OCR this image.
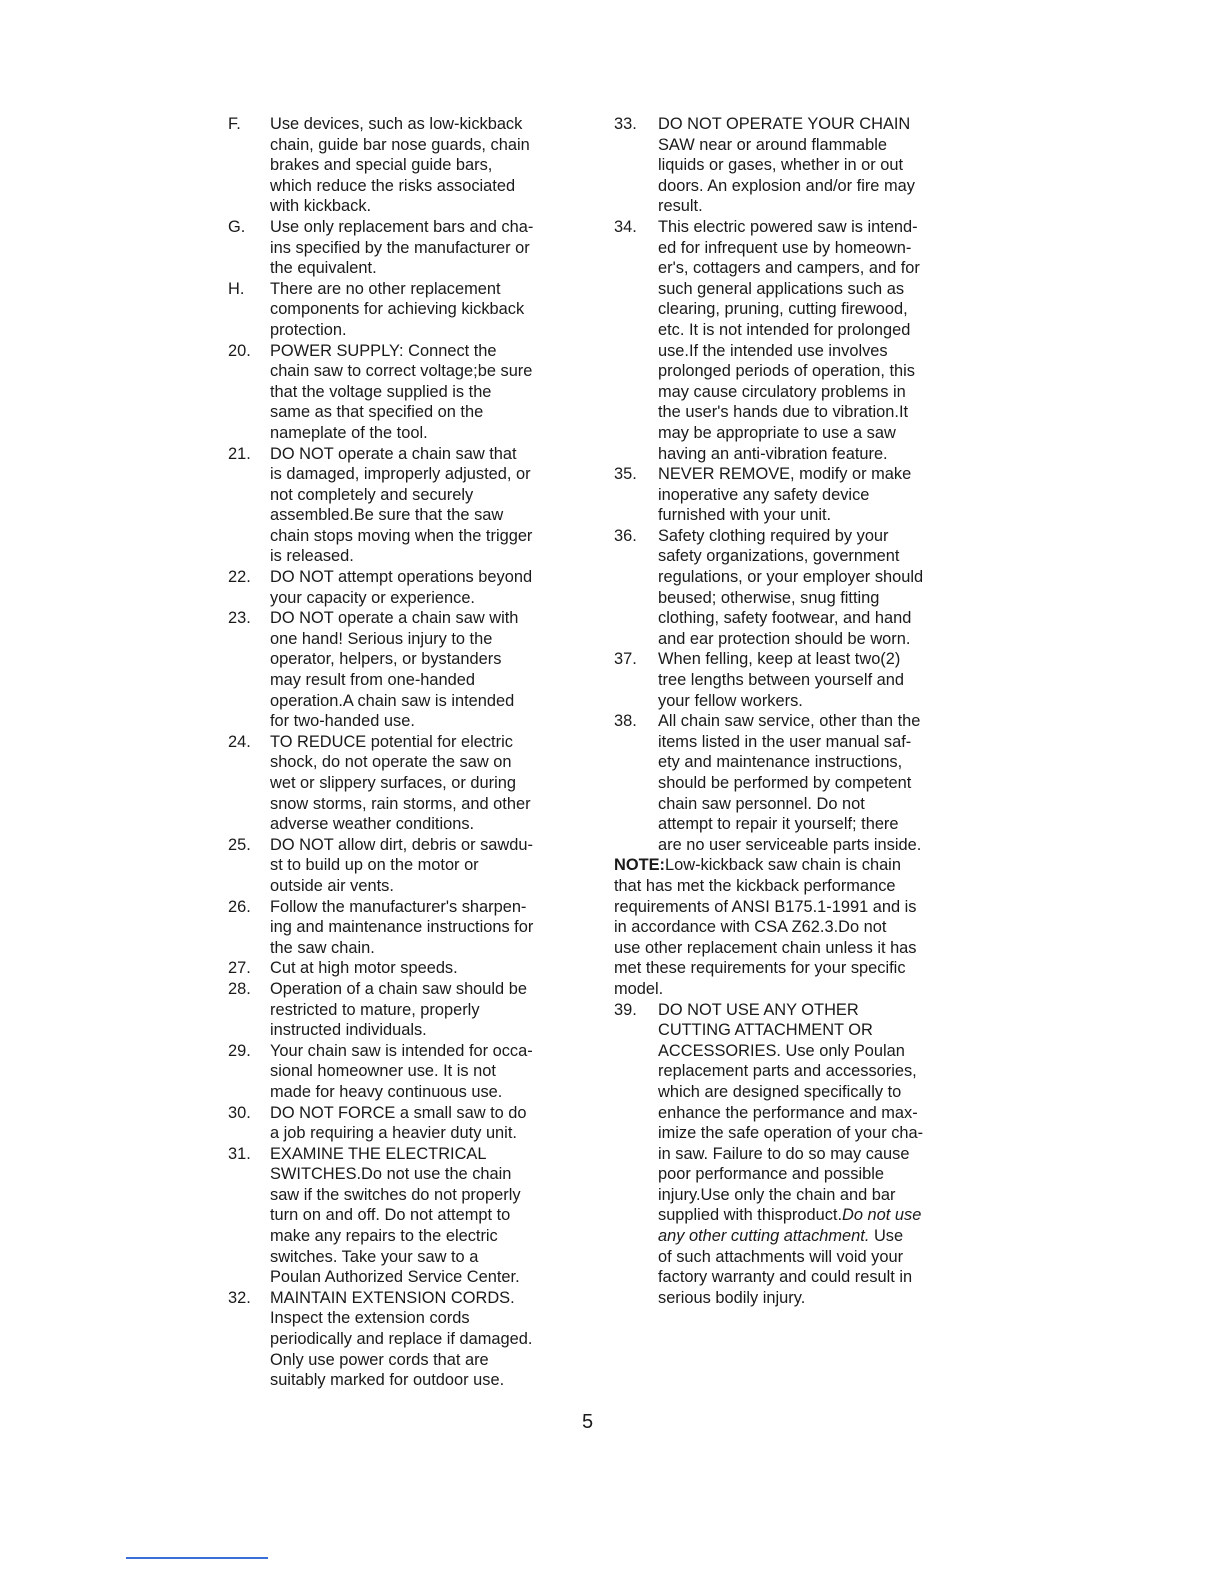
F. Use devices, such as low-kickback
chain, guide bar nose guards, chain
brakes and special guide bars,
which reduce the risks associated
with kickback.
G. Use only replacement bars and cha-
ins specified by the manufacturer or
the equivalent.
H. There are no other replacement
components for achieving kickback
protection.
20. POWER SUPPLY: Connect the
chain saw to correct voltage;be sure
that the voltage supplied is the
same as that specified on the
nameplate of the tool.
21. DO NOT operate a chain saw that
is damaged, improperly adjusted, or
not completely and securely
assembled.Be sure that the saw
chain stops moving when the trigger
is released.
22. DO NOT attempt operations beyond
your capacity or experience.
23. DO NOT operate a chain saw with
one hand! Serious injury to the
operator, helpers, or bystanders
may result from one-handed
operation.A chain saw is intended
for two-handed use.
24. TO REDUCE potential for electric
shock, do not operate the saw on
wet or slippery surfaces, or during
snow storms, rain storms, and other
adverse weather conditions.
25. DO NOT allow dirt, debris or sawdu-
st to build up on the motor or
outside air vents.
26. Follow the manufacturer's sharpen-
ing and maintenance instructions for
the saw chain.
27. Cut at high motor speeds.
28. Operation of a chain saw should be
restricted to mature, properly
instructed individuals.
29. Your chain saw is intended for occa-
sional homeowner use. It is not
made for heavy continuous use.
30. DO NOT FORCE a small saw to do
a job requiring a heavier duty unit.
31. EXAMINE THE ELECTRICAL
SWITCHES.Do not use the chain
saw if the switches do not properly
turn on and off. Do not attempt to
make any repairs to the electric
switches. Take your saw to a
Poulan Authorized Service Center.
32. MAINTAIN EXTENSION CORDS.
Inspect the extension cords
periodically and replace if damaged.
Only use power cords that are
suitably marked for outdoor use.
33. DO NOT OPERATE YOUR CHAIN
SAW near or around flammable
liquids or gases, whether in or out
doors. An explosion and/or fire may
result.
34. This electric powered saw is intend-
ed for infrequent use by homeown-
er's, cottagers and campers, and for
such general applications such as
clearing, pruning, cutting firewood,
etc. It is not intended for prolonged
use.If the intended use involves
prolonged periods of operation, this
may cause circulatory problems in
the user's hands due to vibration.It
may be appropriate to use a saw
having an anti-vibration feature.
35. NEVER REMOVE, modify or make
inoperative any safety device
furnished with your unit.
36. Safety clothing required by your
safety organizations, government
regulations, or your employer should
beused; otherwise, snug fitting
clothing, safety footwear, and hand
and ear protection should be worn.
37. When felling, keep at least two(2)
tree lengths between yourself and
your fellow workers.
38. All chain saw service, other than the
items listed in the user manual saf-
ety and maintenance instructions,
should be performed by competent
chain saw personnel. Do not
attempt to repair it yourself; there
are no user serviceable parts inside.
NOTE:Low-kickback saw chain is chain
that has met the kickback performance
requirements of ANSI B175.1-1991 and is
in accordance with CSA Z62.3.Do not
use other replacement chain unless it has
met these requirements for your specific
model.
39. DO NOT USE ANY OTHER
CUTTING ATTACHMENT OR
ACCESSORIES. Use only Poulan
replacement parts and accessories,
which are designed specifically to
enhance the performance and max-
imize the safe operation of your cha-
in saw. Failure to do so may cause
poor performance and possible
injury.Use only the chain and bar
supplied with thisproduct.Do not use
any other cutting attachment. Use
of such attachments will void your
factory warranty and could result in
serious bodily injury.
5
